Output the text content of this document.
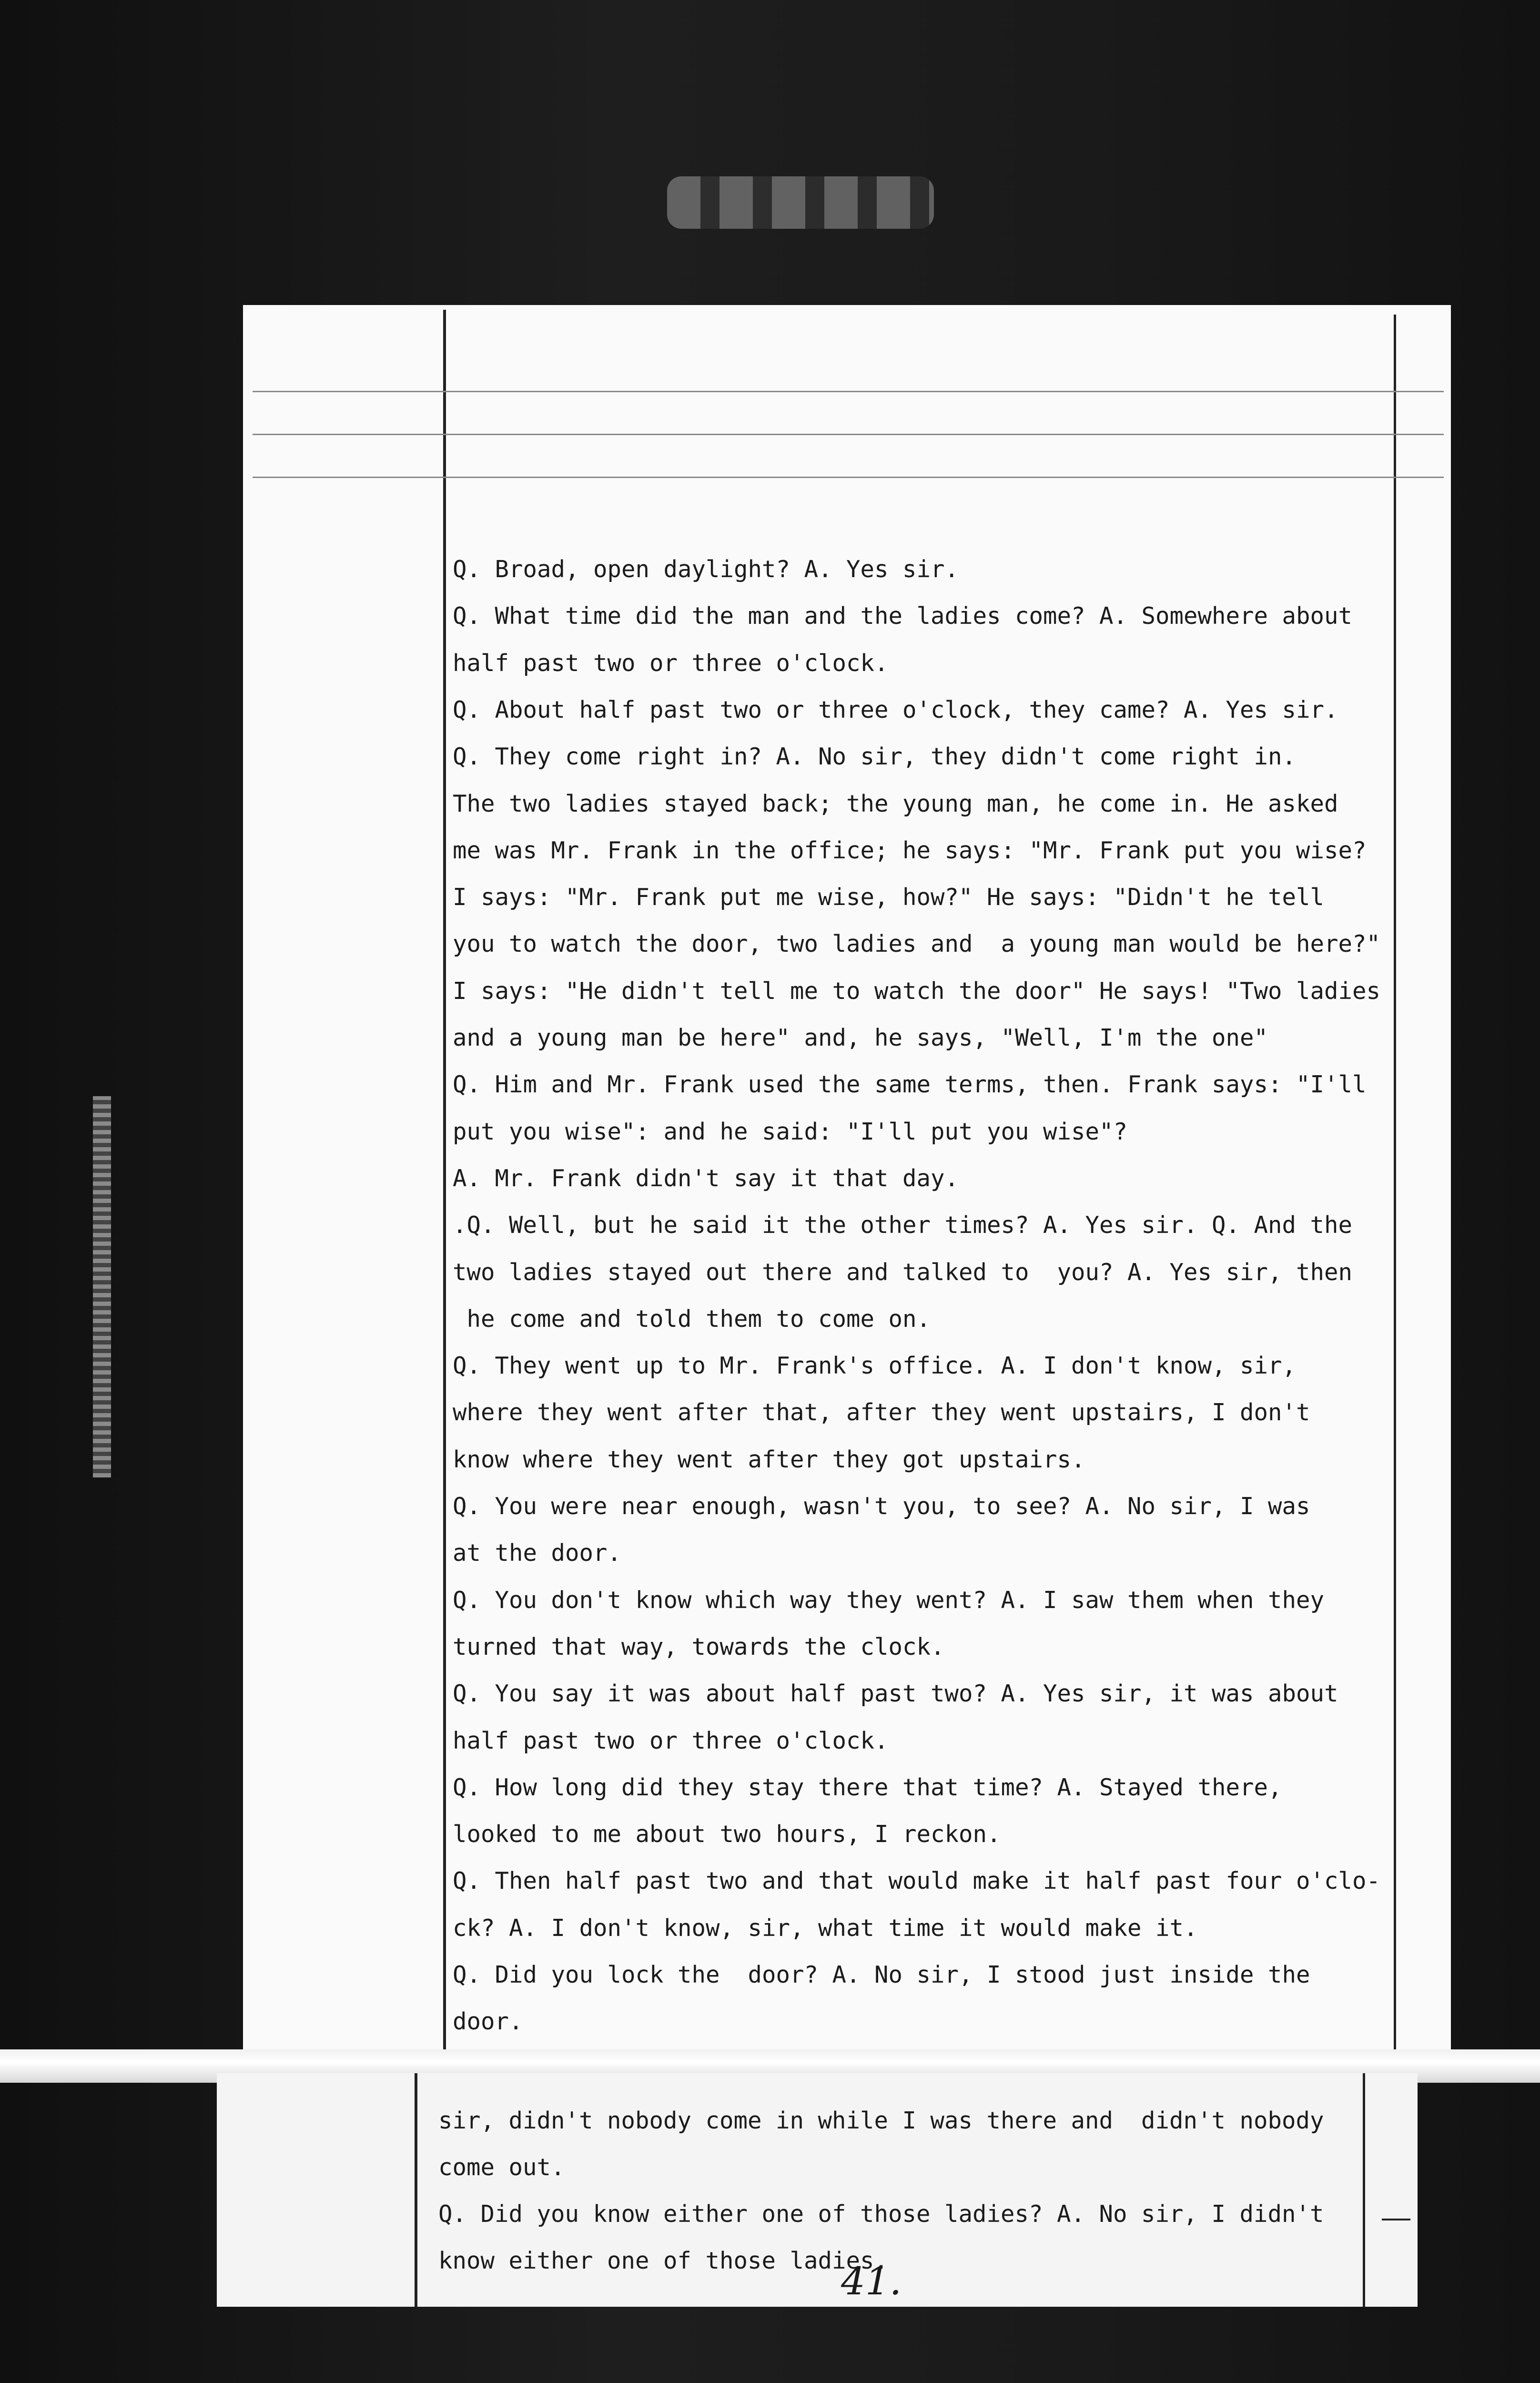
Q. Broad, open daylight? A. Yes sir.
Q. What time did the man and the ladies come? A. Somewhere about
half past two or three o'clock.
Q. About half past two or three o'clock, they came? A. Yes sir.
Q. They come right in? A. No sir, they didn't come right in.
The two ladies stayed back; the young man, he come in. He asked
me was Mr. Frank in the office; he says: "Mr. Frank put you wise?
I says: "Mr. Frank put me wise, how?" He says: "Didn't he tell
you to watch the door, two ladies and  a young man would be here?"
I says: "He didn't tell me to watch the door" He says! "Two ladies
and a young man be here" and, he says, "Well, I'm the one"
Q. Him and Mr. Frank used the same terms, then. Frank says: "I'll
put you wise": and he said: "I'll put you wise"?
A. Mr. Frank didn't say it that day.
.Q. Well, but he said it the other times? A. Yes sir. Q. And the
two ladies stayed out there and talked to  you? A. Yes sir, then
he come and told them to come on.
Q. They went up to Mr. Frank's office. A. I don't know, sir,
where they went after that, after they went upstairs, I don't
know where they went after they got upstairs.
Q. You were near enough, wasn't you, to see? A. No sir, I was
at the door.
Q. You don't know which way they went? A. I saw them when they
turned that way, towards the clock.
Q. You say it was about half past two? A. Yes sir, it was about
half past two or three o'clock.
Q. How long did they stay there that time? A. Stayed there,
looked to me about two hours, I reckon.
Q. Then half past two and that would make it half past four o'clo-
ck? A. I don't know, sir, what time it would make it.
Q. Did you lock the  door? A. No sir, I stood just inside the
door.
sir, didn't nobody come in while I was there and  didn't nobody
come out.
Q. Did you know either one of those ladies? A. No sir, I didn't
know either one of those ladies.
41.
